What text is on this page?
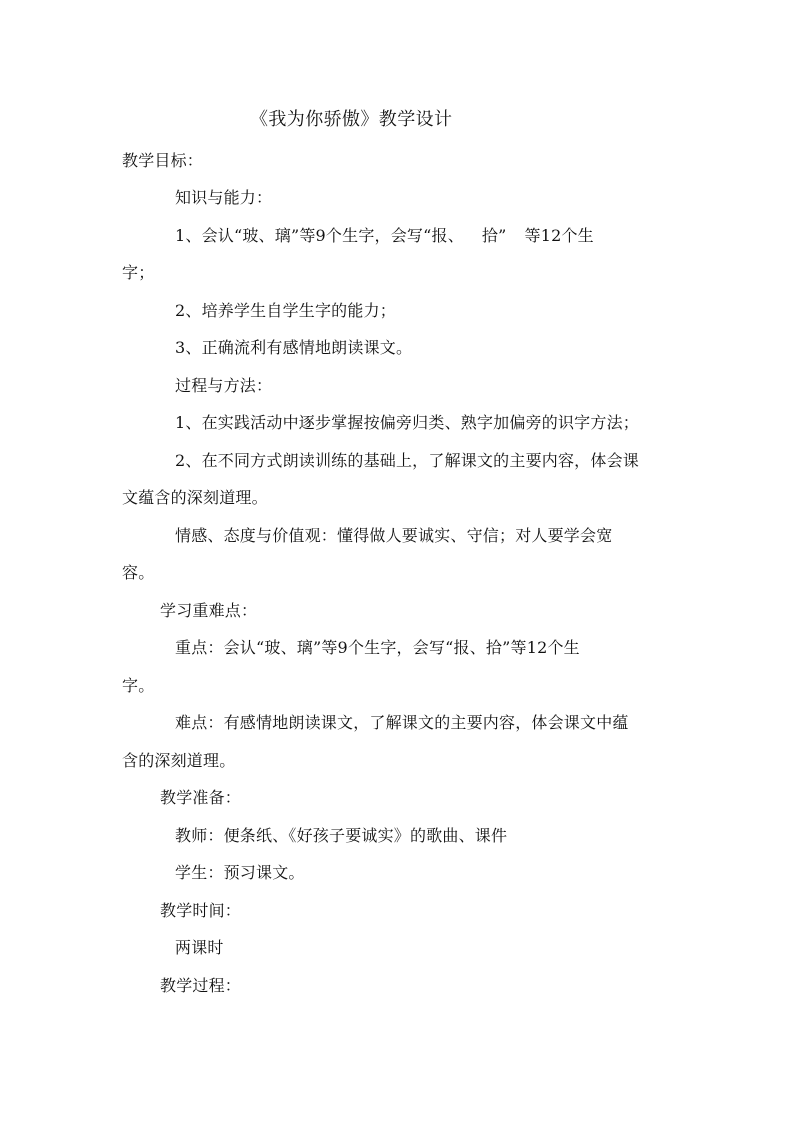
《我为你骄傲》教学设计
教学目标：
知识与能力：
1、会认“玻、璃”等9个生字，会写“报、 拾” 等12个生
字；
2、培养学生自学生字的能力；
3、正确流利有感情地朗读课文。
过程与方法：
1、在实践活动中逐步掌握按偏旁归类、熟字加偏旁的识字方法；
2、在不同方式朗读训练的基础上，了解课文的主要内容，体会课
文蕴含的深刻道理。
情感、态度与价值观：懂得做人要诚实、守信；对人要学会宽
容。
学习重难点：
重点：会认“玻、璃”等9个生字，会写“报、拾”等12个生
字。
难点：有感情地朗读课文，了解课文的主要内容，体会课文中蕴
含的深刻道理。
教学准备：
教师：便条纸、《好孩子要诚实》的歌曲、课件
学生：预习课文。
教学时间：
两课时
教学过程：
